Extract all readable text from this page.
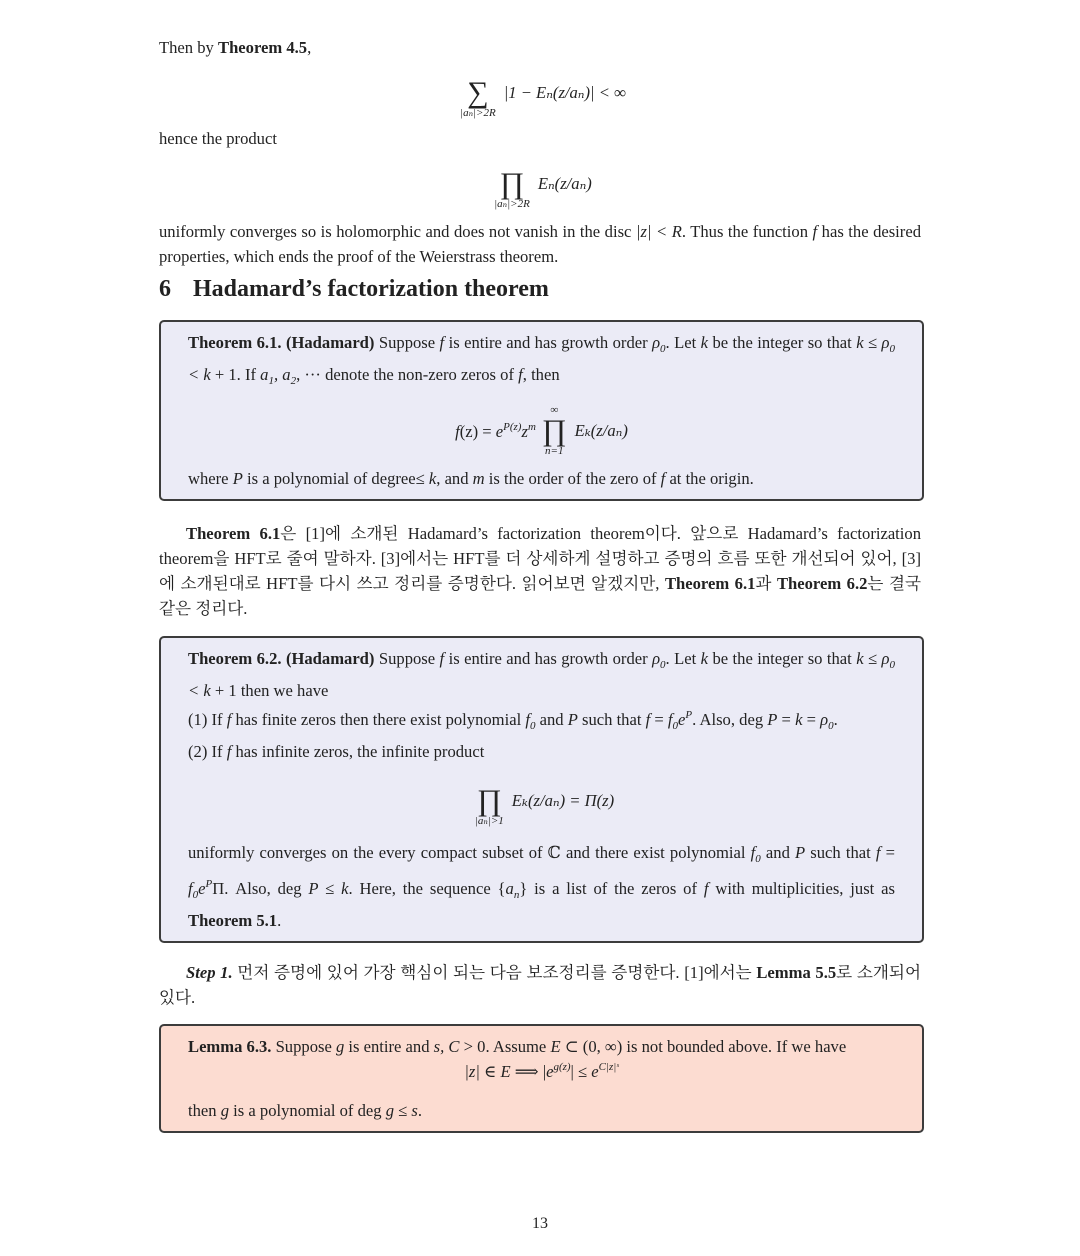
Then by Theorem 4.5,

∑
|aₙ|>2R
|1 − Eₙ(z/aₙ)| < ∞

hence the product

∏
|aₙ|>2R
Eₙ(z/aₙ)

uniformly converges so is holomorphic and does not vanish in the disc |z| < R. Thus the function f has the desired properties, which ends the proof of the Weierstrass theorem.

6 Hadamard’s factorization theorem

Theorem 6.1. (Hadamard) Suppose f is entire and has growth order $\rho_0$. Let k be the integer so that $k \le \rho_0 < k + 1$. If $a_1$, $a_2$, ··· denote the non-zero zeros of f, then

$f(z) = e^{P(z)}z^m$
∞
∏
n=1
Eₖ(z/aₙ)

where P is a polynomial of degree≤ k, and m is the order of the zero of f at the origin.

Theorem 6.1은 [1]에 소개된 Hadamard’s factorization theorem이다. 앞으로 Hadamard’s factorization theorem을 HFT로 줄여 말하자. [3]에서는 HFT를 더 상세하게 설명하고 증명의 흐름 또한 개선되어 있어, [3]에 소개된대로 HFT를 다시 쓰고 정리를 증명한다. 읽어보면 알겠지만, Theorem 6.1과 Theorem 6.2는 결국 같은 정리다.

Theorem 6.2. (Hadamard) Suppose f is entire and has growth order $\rho_0$. Let k be the integer so that $k \le \rho_0 < k + 1$ then we have

(1) If f has finite zeros then there exist polynomial $f_0$ and P such that $f = f_0e^P$. Also, deg $P = k = \rho_0$.

(2) If f has infinite zeros, the infinite product

∏
|aₙ|>1
Eₖ(z/aₙ) = Π(z)

uniformly converges on the every compact subset of ℂ and there exist polynomial $f_0$ and P such that $f = f_0e^P\Pi$. Also, deg P ≤ k. Here, the sequence $\{a_n\}$ is a list of the zeros of f with multiplicities, just as Theorem 5.1.

Step 1. 먼저 증명에 있어 가장 핵심이 되는 다음 보조정리를 증명한다. [1]에서는 Lemma 5.5로 소개되어 있다.

Lemma 6.3. Suppose g is entire and s, C > 0. Assume E ⊂ (0, ∞) is not bounded above. If we have

|z| ∈ E ⟹ $|e^{g(z)}| \le e^{C|z|ˢ}$

then g is a polynomial of deg g ≤ s.

13
